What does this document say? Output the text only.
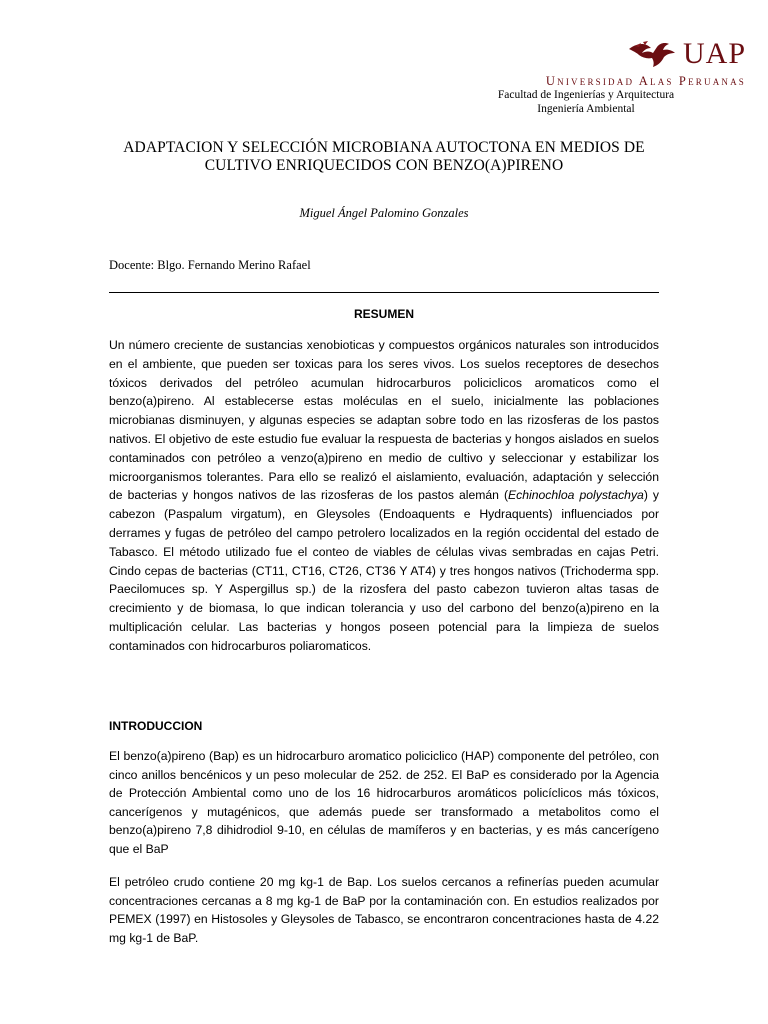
UAP
Universidad Alas Peruanas
Facultad de Ingenierías y Arquitectura
Ingeniería Ambiental
ADAPTACION Y SELECCIÓN MICROBIANA AUTOCTONA EN MEDIOS DE CULTIVO ENRIQUECIDOS CON BENZO(A)PIRENO
Miguel Ángel Palomino Gonzales
Docente: Blgo. Fernando Merino Rafael
RESUMEN

Un número creciente de sustancias xenobioticas y compuestos orgánicos naturales son introducidos en el ambiente, que pueden ser toxicas para los seres vivos. Los suelos receptores de desechos tóxicos derivados del petróleo acumulan hidrocarburos policiclicos aromaticos como el benzo(a)pireno. Al establecerse estas moléculas en el suelo, inicialmente las poblaciones microbianas disminuyen, y algunas especies se adaptan sobre todo en las rizosferas de los pastos nativos. El objetivo de este estudio fue evaluar la respuesta de bacterias y hongos aislados en suelos contaminados con petróleo a venzo(a)pireno en medio de cultivo y seleccionar y estabilizar los microorganismos tolerantes. Para ello se realizó el aislamiento, evaluación, adaptación y selección de bacterias y hongos nativos de las rizosferas de los pastos alemán (Echinochloa polystachya) y cabezon (Paspalum virgatum), en Gleysoles (Endoaquents e Hydraquents) influenciados por derrames y fugas de petróleo del campo petrolero localizados en la región occidental del estado de Tabasco. El método utilizado fue el conteo de viables de células vivas sembradas en cajas Petri. Cindo cepas de bacterias (CT11, CT16, CT26, CT36 Y AT4) y tres hongos nativos (Trichoderma spp. Paecilomuces sp. Y Aspergillus sp.) de la rizosfera del pasto cabezon tuvieron altas tasas de crecimiento y de biomasa, lo que indican tolerancia y uso del carbono del benzo(a)pireno en la multiplicación celular. Las bacterias y hongos poseen potencial para la limpieza de suelos contaminados con hidrocarburos poliaromaticos.

INTRODUCCION

El benzo(a)pireno (Bap) es un hidrocarburo aromatico policiclico (HAP) componente del petróleo, con cinco anillos bencénicos y un peso molecular de 252. de 252. El BaP es considerado por la Agencia de Protección Ambiental como uno de los 16 hidrocarburos aromáticos policíclicos más tóxicos, cancerígenos y mutagénicos, que además puede ser transformado a metabolitos como el benzo(a)pireno 7,8 dihidrodiol 9-10, en células de mamíferos y en bacterias, y es más cancerígeno que el BaP

El petróleo crudo contiene 20 mg kg-1 de Bap. Los suelos cercanos a refinerías pueden acumular concentraciones cercanas a 8 mg kg-1 de BaP por la contaminación con. En estudios realizados por PEMEX (1997) en Histosoles y Gleysoles de Tabasco, se encontraron concentraciones hasta de 4.22 mg kg-1 de BaP.
